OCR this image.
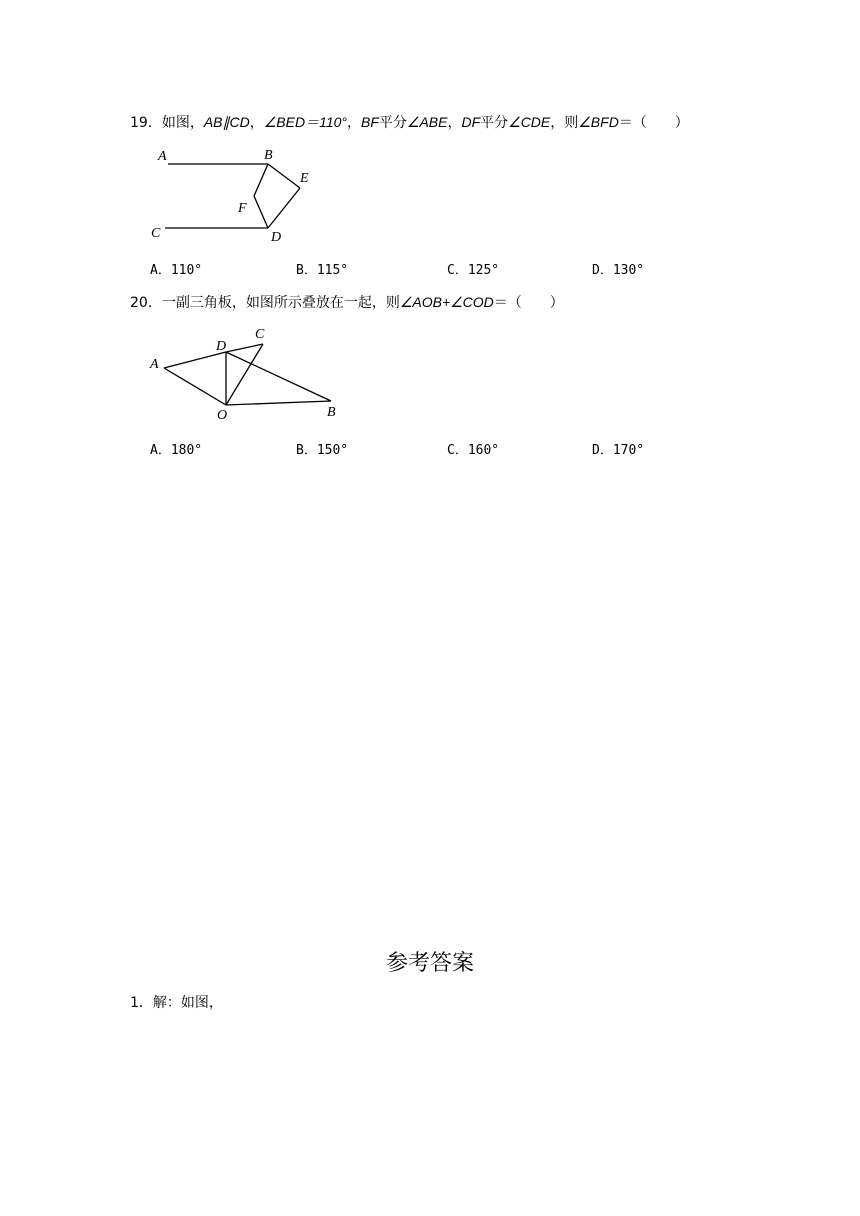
19．如图，AB∥CD，∠BED＝110°，BF平分∠ABE，DF平分∠CDE，则∠BFD＝（　　）
A	B
E
F
C	D
A．110°	B．115°	C．125°	D．130°
20．一副三角板，如图所示叠放在一起，则∠AOB+∠COD＝（　　）
A
D
C
O	B
A．180°	B．150°	C．160°	D．170°
参考答案
1．解：如图，
